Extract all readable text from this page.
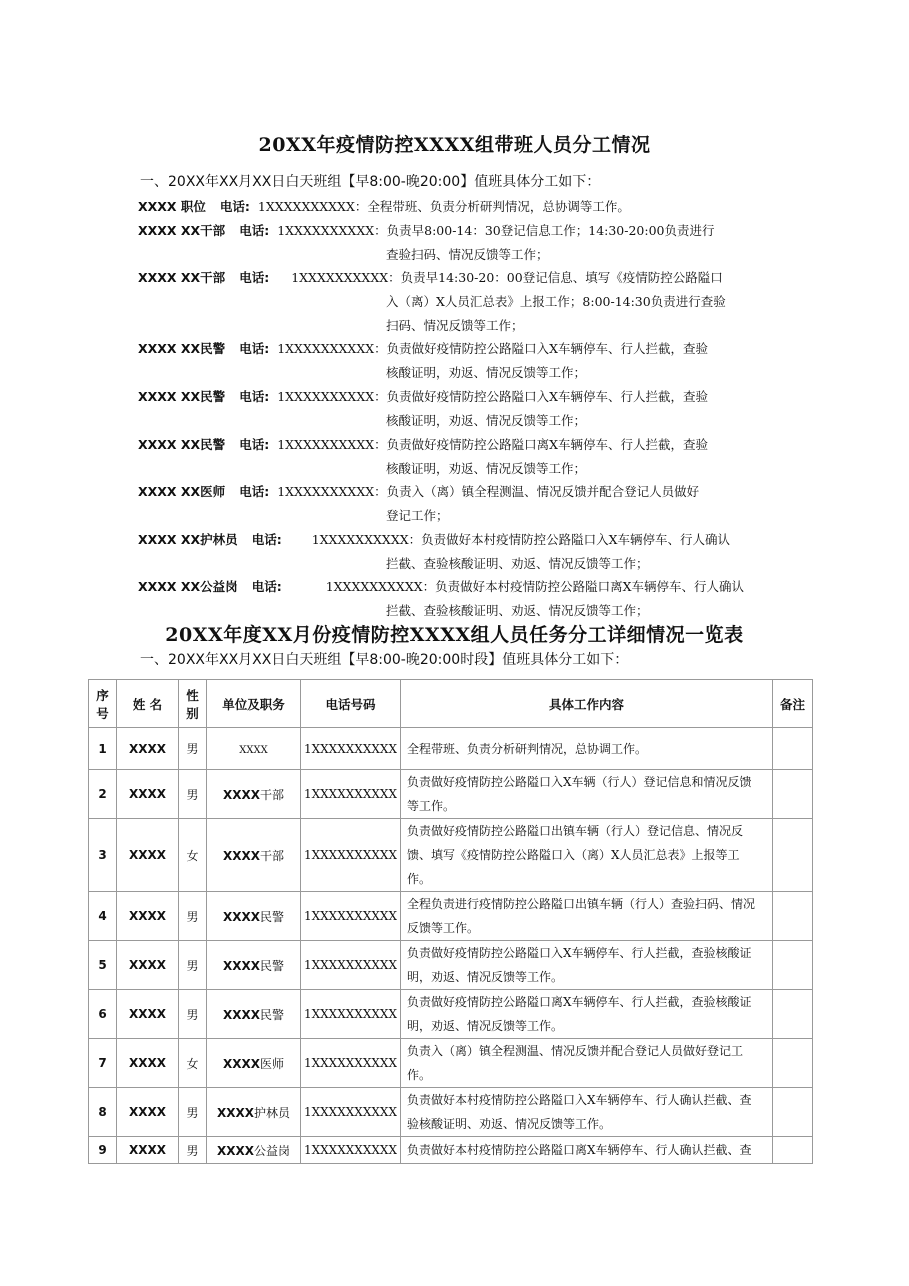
20XX年疫情防控XXXX组带班人员分工情况
一、20XX年XX月XX日白天班组【早8:00-晚20:00】值班具体分工如下：
XXXX 职位 电话: 1XXXXXXXXXX：全程带班、负责分析研判情况，总协调等工作。
XXXX XX干部 电话: 1XXXXXXXXXX：负责早8:00-14：30登记信息工作；14:30-20:00负责进行
查验扫码、情况反馈等工作；
XXXX XX干部 电话: 1XXXXXXXXXX：负责早14:30-20：00登记信息、填写《疫情防控公路隘口
入（离）X人员汇总表》上报工作；8:00-14:30负责进行查验
扫码、情况反馈等工作；
XXXX XX民警 电话: 1XXXXXXXXXX：负责做好疫情防控公路隘口入X车辆停车、行人拦截，查验
核酸证明，劝返、情况反馈等工作；
XXXX XX民警 电话: 1XXXXXXXXXX：负责做好疫情防控公路隘口入X车辆停车、行人拦截，查验
核酸证明，劝返、情况反馈等工作；
XXXX XX民警 电话: 1XXXXXXXXXX：负责做好疫情防控公路隘口离X车辆停车、行人拦截，查验
核酸证明，劝返、情况反馈等工作；
XXXX XX医师 电话: 1XXXXXXXXXX：负责入（离）镇全程测温、情况反馈并配合登记人员做好
登记工作；
XXXX XX护林员 电话: 1XXXXXXXXXX：负责做好本村疫情防控公路隘口入X车辆停车、行人确认
拦截、查验核酸证明、劝返、情况反馈等工作；
XXXX XX公益岗 电话:	1XXXXXXXXXX：负责做好本村疫情防控公路隘口离X车辆停车、行人确认
拦截、查验核酸证明、劝返、情况反馈等工作；
20XX年度XX月份疫情防控XXXX组人员任务分工详细情况一览表
一、20XX年XX月XX日白天班组【早8:00-晚20:00时段】值班具体分工如下：
序号	姓 名	性别	单位及职务	电话号码	具体工作内容	备注
1	XXXX	男	XXXX	1XXXXXXXXXX	全程带班、负责分析研判情况，总协调工作。	

2	XXXX	男	XXXX干部	1XXXXXXXXXX	负责做好疫情防控公路隘口入X车辆（行人）登记信息和情况反馈
等工作。	

3	XXXX	女	XXXX干部	1XXXXXXXXXX	负责做好疫情防控公路隘口出镇车辆（行人）登记信息、情况反
馈、填写《疫情防控公路隘口入（离）X人员汇总表》上报等工
作。	

4	XXXX	男	XXXX民警	1XXXXXXXXXX	全程负责进行疫情防控公路隘口出镇车辆（行人）查验扫码、情况
反馈等工作。	

5	XXXX	男	XXXX民警	1XXXXXXXXXX	负责做好疫情防控公路隘口入X车辆停车、行人拦截，查验核酸证
明，劝返、情况反馈等工作。	

6	XXXX	男	XXXX民警	1XXXXXXXXXX	负责做好疫情防控公路隘口离X车辆停车、行人拦截，查验核酸证
明，劝返、情况反馈等工作。	

7	XXXX	女	XXXX医师	1XXXXXXXXXX	负责入（离）镇全程测温、情况反馈并配合登记人员做好登记工
作。	

8	XXXX	男	XXXX护林员	1XXXXXXXXXX	负责做好本村疫情防控公路隘口入X车辆停车、行人确认拦截、查
验核酸证明、劝返、情况反馈等工作。	

9	XXXX	男	XXXX公益岗	1XXXXXXXXXX	负责做好本村疫情防控公路隘口离X车辆停车、行人确认拦截、查	
